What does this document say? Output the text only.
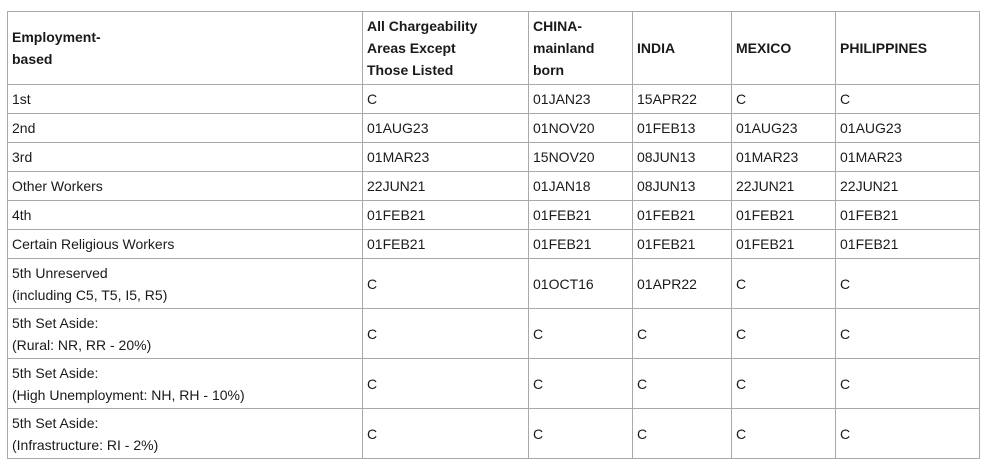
Employment-
based	All Chargeability
Areas Except
Those Listed	CHINA-
mainland
born	INDIA	MEXICO	PHILIPPINES

1st	C	01JAN23	15APR22	C	C

2nd	01AUG23	01NOV20	01FEB13	01AUG23	01AUG23

3rd	01MAR23	15NOV20	08JUN13	01MAR23	01MAR23

Other Workers	22JUN21	01JAN18	08JUN13	22JUN21	22JUN21

4th	01FEB21	01FEB21	01FEB21	01FEB21	01FEB21

Certain Religious Workers	01FEB21	01FEB21	01FEB21	01FEB21	01FEB21

5th Unreserved
(including C5, T5, I5, R5)	C	01OCT16	01APR22	C	C

5th Set Aside:
(Rural: NR, RR - 20%)	C	C	C	C	C

5th Set Aside:
(High Unemployment: NH, RH - 10%)	C	C	C	C	C

5th Set Aside:
(Infrastructure: RI - 2%)	C	C	C	C	C
